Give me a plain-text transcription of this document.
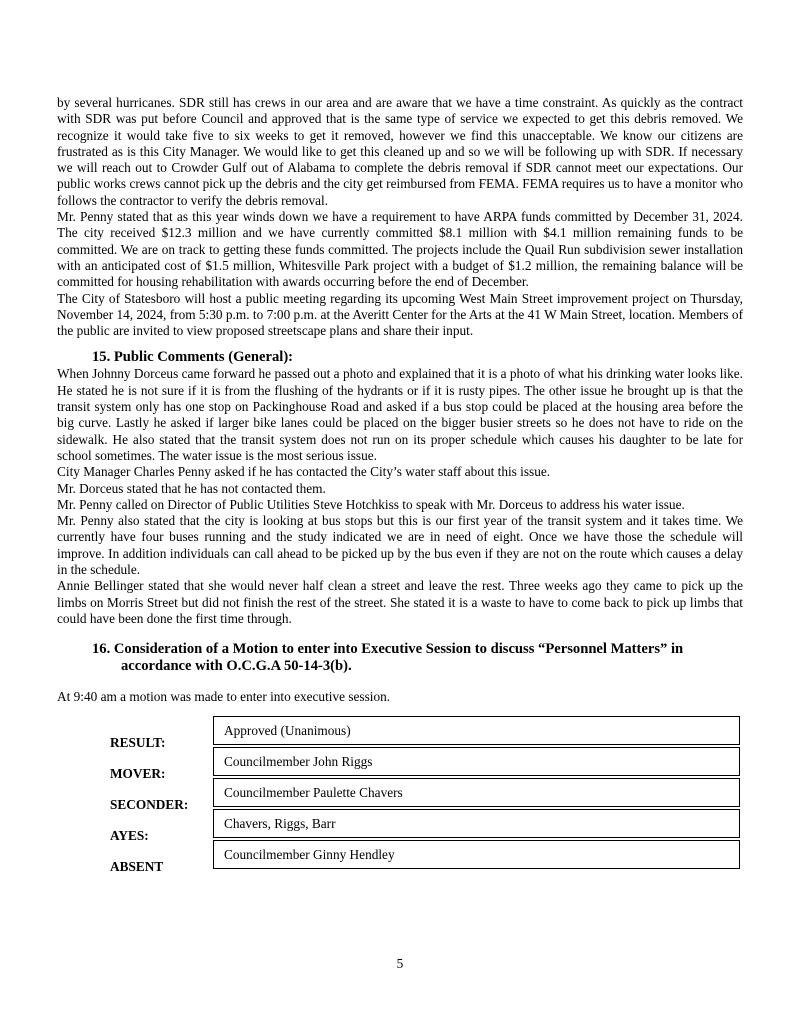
by several hurricanes. SDR still has crews in our area and are aware that we have a time constraint. As quickly as the contract with SDR was put before Council and approved that is the same type of service we expected to get this debris removed. We recognize it would take five to six weeks to get it removed, however we find this unacceptable. We know our citizens are frustrated as is this City Manager. We would like to get this cleaned up and so we will be following up with SDR. If necessary we will reach out to Crowder Gulf out of Alabama to complete the debris removal if SDR cannot meet our expectations. Our public works crews cannot pick up the debris and the city get reimbursed from FEMA. FEMA requires us to have a monitor who follows the contractor to verify the debris removal.
Mr. Penny stated that as this year winds down we have a requirement to have ARPA funds committed by December 31, 2024. The city received $12.3 million and we have currently committed $8.1 million with $4.1 million remaining funds to be committed. We are on track to getting these funds committed. The projects include the Quail Run subdivision sewer installation with an anticipated cost of $1.5 million, Whitesville Park project with a budget of $1.2 million, the remaining balance will be committed for housing rehabilitation with awards occurring before the end of December.
The City of Statesboro will host a public meeting regarding its upcoming West Main Street improvement project on Thursday, November 14, 2024, from 5:30 p.m. to 7:00 p.m. at the Averitt Center for the Arts at the 41 W Main Street, location. Members of the public are invited to view proposed streetscape plans and share their input.
15. Public Comments (General):
When Johnny Dorceus came forward he passed out a photo and explained that it is a photo of what his drinking water looks like. He stated he is not sure if it is from the flushing of the hydrants or if it is rusty pipes. The other issue he brought up is that the transit system only has one stop on Packinghouse Road and asked if a bus stop could be placed at the housing area before the big curve. Lastly he asked if larger bike lanes could be placed on the bigger busier streets so he does not have to ride on the sidewalk. He also stated that the transit system does not run on its proper schedule which causes his daughter to be late for school sometimes. The water issue is the most serious issue.
City Manager Charles Penny asked if he has contacted the City’s water staff about this issue.
Mr. Dorceus stated that he has not contacted them.
Mr. Penny called on Director of Public Utilities Steve Hotchkiss to speak with Mr. Dorceus to address his water issue.
Mr. Penny also stated that the city is looking at bus stops but this is our first year of the transit system and it takes time. We currently have four buses running and the study indicated we are in need of eight. Once we have those the schedule will improve. In addition individuals can call ahead to be picked up by the bus even if they are not on the route which causes a delay in the schedule.
Annie Bellinger stated that she would never half clean a street and leave the rest. Three weeks ago they came to pick up the limbs on Morris Street but did not finish the rest of the street. She stated it is a waste to have to come back to pick up limbs that could have been done the first time through.
16. Consideration of a Motion to enter into Executive Session to discuss “Personnel Matters” in
accordance with O.C.G.A 50-14-3(b).
At 9:40 am a motion was made to enter into executive session.
RESULT:
Approved (Unanimous)
MOVER:
Councilmember John Riggs
SECONDER:
Councilmember Paulette Chavers
AYES:
Chavers, Riggs, Barr
ABSENT
Councilmember Ginny Hendley
5
